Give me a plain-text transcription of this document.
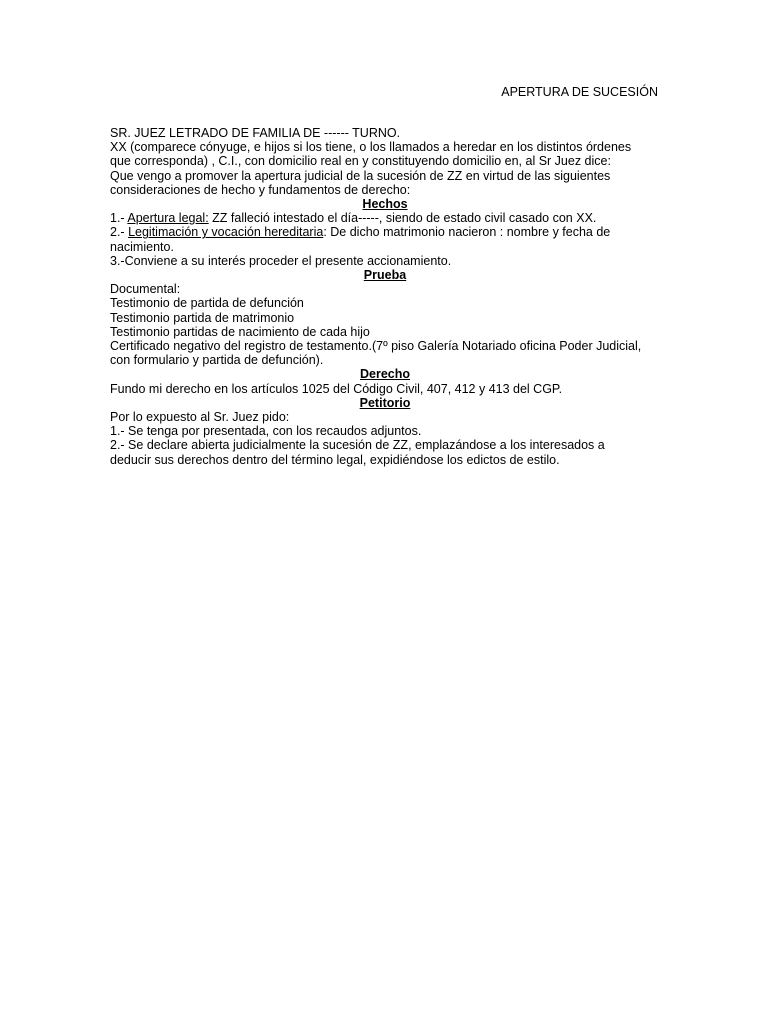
APERTURA DE SUCESIÓN
SR. JUEZ LETRADO DE FAMILIA DE ------ TURNO.
XX (comparece cónyuge, e hijos si los tiene, o los llamados a heredar en los distintos órdenes
que corresponda) , C.I., con domicilio real en y constituyendo domicilio en, al Sr Juez dice:
Que vengo a promover la apertura judicial de la sucesión de ZZ en virtud de las siguientes
consideraciones de hecho y fundamentos de derecho:
Hechos
1.- Apertura legal: ZZ falleció intestado el día-----, siendo de estado civil casado con XX.
2.- Legitimación y vocación hereditaria: De dicho matrimonio nacieron : nombre y fecha de
nacimiento.
3.-Conviene a su interés proceder el presente accionamiento.
Prueba
Documental:
Testimonio de partida de defunción
Testimonio partida de matrimonio
Testimonio partidas de nacimiento de cada hijo
Certificado negativo del registro de testamento.(7º piso Galería Notariado oficina Poder Judicial,
con formulario y partida de defunción).
Derecho
Fundo mi derecho en los artículos 1025 del Código Civil, 407, 412 y 413 del CGP.
Petitorio
Por lo expuesto al Sr. Juez pido:
1.- Se tenga por presentada, con los recaudos adjuntos.
2.- Se declare abierta judicialmente la sucesión de ZZ, emplazándose a los interesados a
deducir sus derechos dentro del término legal, expidiéndose los edictos de estilo.
